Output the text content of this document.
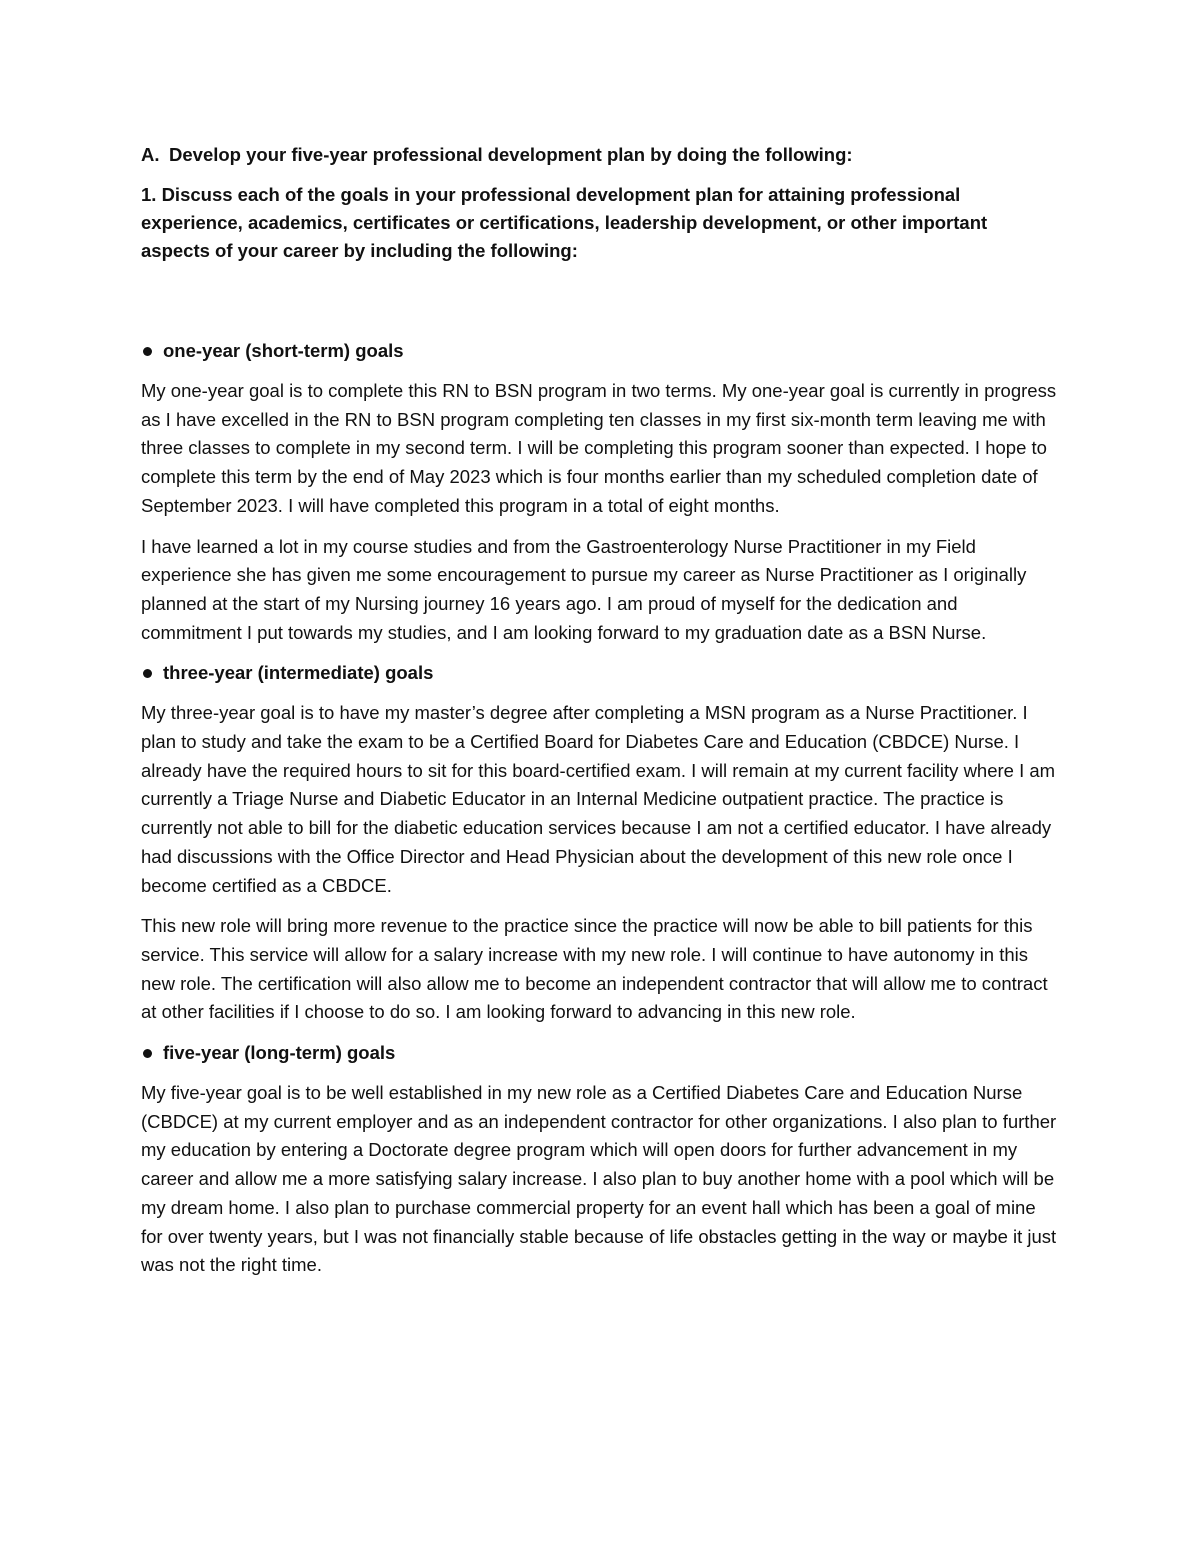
A. Develop your five-year professional development plan by doing the following:

1. Discuss each of the goals in your professional development plan for attaining professional experience, academics, certificates or certifications, leadership development, or other important aspects of your career by including the following:

one-year (short-term) goals

My one-year goal is to complete this RN to BSN program in two terms. My one-year goal is currently in progress as I have excelled in the RN to BSN program completing ten classes in my first six-month term leaving me with three classes to complete in my second term. I will be completing this program sooner than expected. I hope to complete this term by the end of May 2023 which is four months earlier than my scheduled completion date of September 2023. I will have completed this program in a total of eight months.

I have learned a lot in my course studies and from the Gastroenterology Nurse Practitioner in my Field experience she has given me some encouragement to pursue my career as Nurse Practitioner as I originally planned at the start of my Nursing journey 16 years ago. I am proud of myself for the dedication and commitment I put towards my studies, and I am looking forward to my graduation date as a BSN Nurse.

three-year (intermediate) goals

My three-year goal is to have my master’s degree after completing a MSN program as a Nurse Practitioner. I plan to study and take the exam to be a Certified Board for Diabetes Care and Education (CBDCE) Nurse. I already have the required hours to sit for this board-certified exam. I will remain at my current facility where I am currently a Triage Nurse and Diabetic Educator in an Internal Medicine outpatient practice. The practice is currently not able to bill for the diabetic education services because I am not a certified educator. I have already had discussions with the Office Director and Head Physician about the development of this new role once I become certified as a CBDCE.

This new role will bring more revenue to the practice since the practice will now be able to bill patients for this service. This service will allow for a salary increase with my new role. I will continue to have autonomy in this new role. The certification will also allow me to become an independent contractor that will allow me to contract at other facilities if I choose to do so. I am looking forward to advancing in this new role.

five-year (long-term) goals

My five-year goal is to be well established in my new role as a Certified Diabetes Care and Education Nurse (CBDCE) at my current employer and as an independent contractor for other organizations. I also plan to further my education by entering a Doctorate degree program which will open doors for further advancement in my career and allow me a more satisfying salary increase. I also plan to buy another home with a pool which will be my dream home. I also plan to purchase commercial property for an event hall which has been a goal of mine for over twenty years, but I was not financially stable because of life obstacles getting in the way or maybe it just was not the right time.
